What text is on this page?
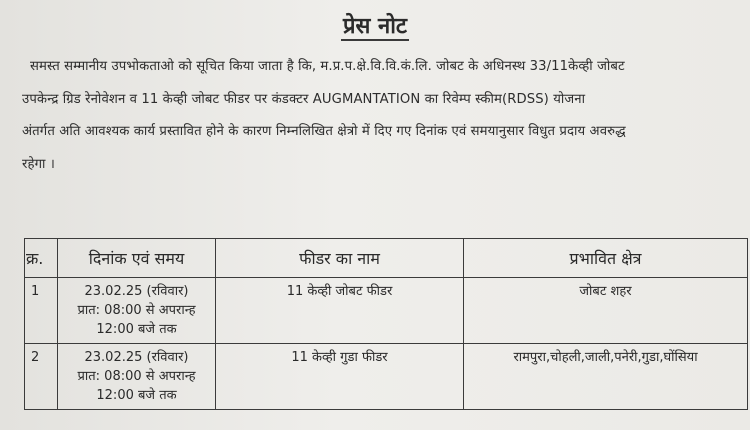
प्रेस नोट

समस्त सम्मानीय उपभोकताओ को सूचित किया जाता है कि, म.प्र.प.क्षे.वि.वि.कं.लि. जोबट के अधिनस्थ 33/11केव्ही जोबट
उपकेन्द्र ग्रिड रेनोवेशन व 11 केव्ही जोबट फीडर पर कंडक्टर AUGMANTATION का रिवेम्प स्कीम(RDSS) योजना
अंतर्गत अति आवश्यक कार्य प्रस्तावित होने के कारण निम्नलिखित क्षेत्रो में दिए गए दिनांक एवं समयानुसार विधुत प्रदाय अवरुद्ध
रहेगा ।

क्र.	दिनांक एवं समय	फीडर का नाम	प्रभावित क्षेत्र
1	23.02.25 (रविवार)
प्रात: 08:00 से अपरान्ह
12:00 बजे तक	11 केव्ही जोबट फीडर	जोबट शहर
2	23.02.25 (रविवार)
प्रात: 08:00 से अपरान्ह
12:00 बजे तक	11 केव्ही गुडा फीडर	रामपुरा,चोहली,जाली,पनेरी,गुडा,घोंसिया
